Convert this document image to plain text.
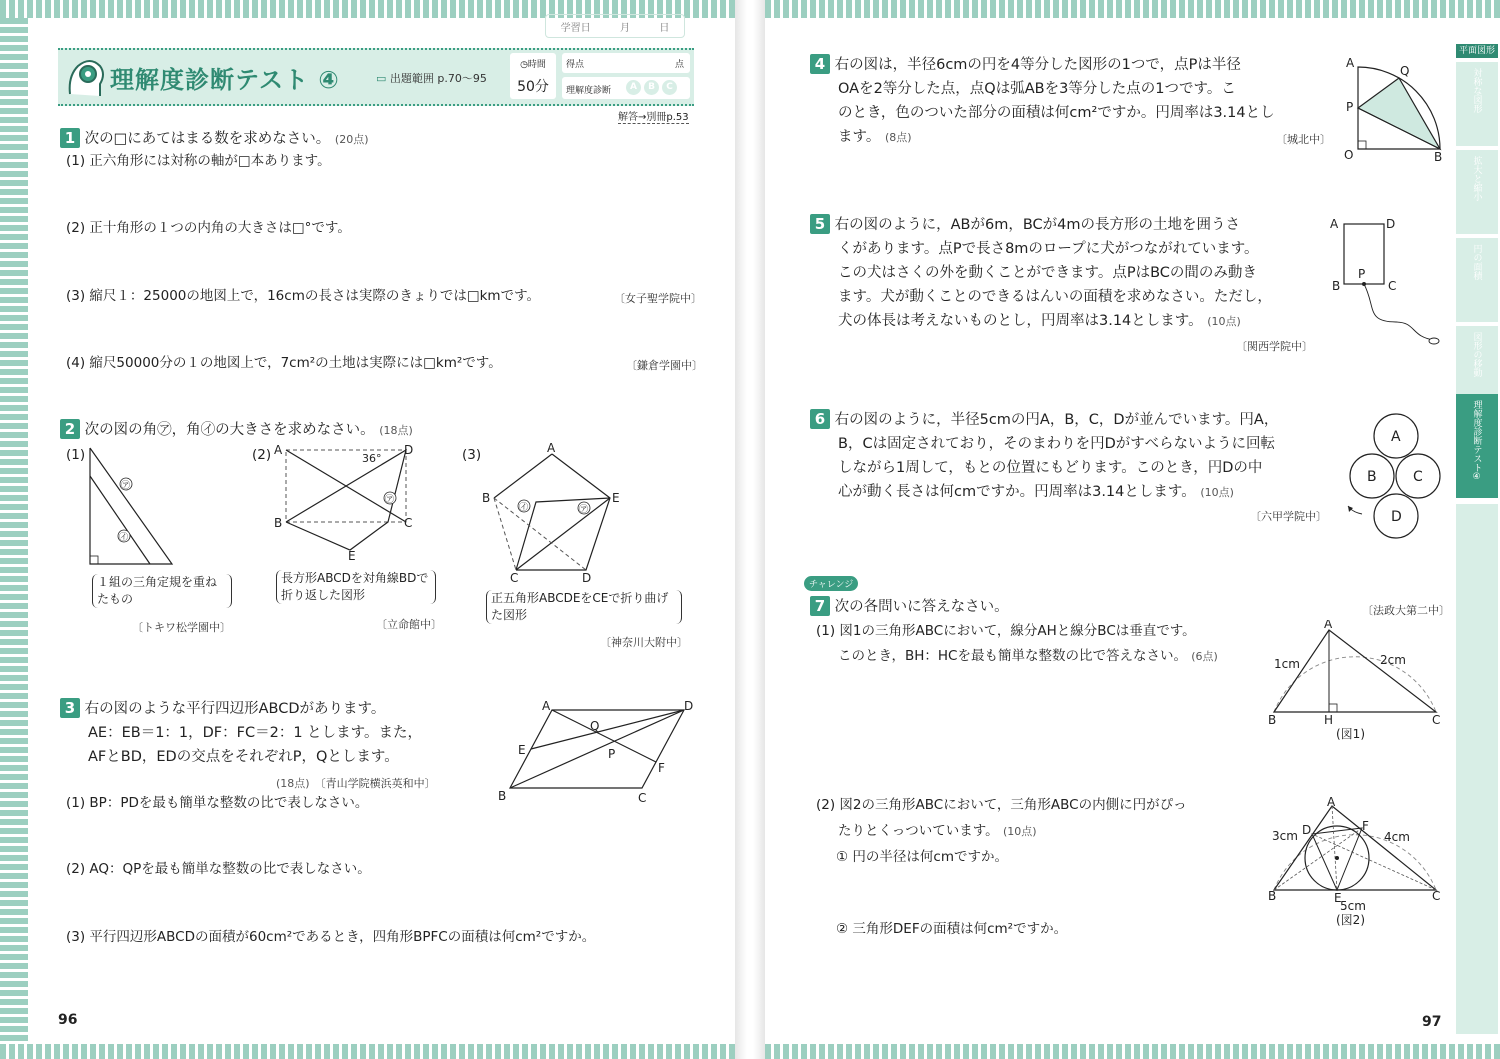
学習日	月	日
理解度診断テスト ④	▭ 出題範囲 p.70〜95
◷時間
50分
得点	点
理解度診断	A	B	C
解答→別冊p.53
1 次の□にあてはまる数を求めなさい。 (20点)
(1) 正六角形には対称の軸が□本あります。
(2) 正十角形の１つの内角の大きさは□°です。
(3) 縮尺１：25000の地図上で，16cmの長さは実際のきょりでは□kmです。	〔女子聖学院中〕
(4) 縮尺50000分の１の地図上で，7cm²の土地は実際には□km²です。	〔鎌倉学園中〕
2 次の図の角㋐，角㋑の大きさを求めなさい。 (18点)
(1)	(2)	(3)
㋐
㋑
１組の三角定規を重ねたもの
〔トキワ松学園中〕
A	D
B	C
E
36°
㋐
長方形ABCDを対角線BDで折り返した図形
〔立命館中〕
A
B
C	D
E
㋑	㋐
正五角形ABCDEをCEで折り曲げた図形
〔神奈川大附中〕
3 右の図のような平行四辺形ABCDがあります。
AE：EB＝1：1，DF：FC＝2：1 とします。また，
AFとBD，EDの交点をそれぞれP，Qとします。
(18点) 〔青山学院横浜英和中〕
(1) BP：PDを最も簡単な整数の比で表しなさい。
(2) AQ：QPを最も簡単な整数の比で表しなさい。
(3) 平行四辺形ABCDの面積が60cm²であるとき，四角形BPFCの面積は何cm²ですか。
A	D
B	C
E
F
P
Q
96
4 右の図は，半径6cmの円を4等分した図形の1つで，点Pは半径
OAを2等分した点，点Qは弧ABを3等分した点の1つです。こ
のとき，色のついた部分の面積は何cm²ですか。円周率は3.14とし
ます。 (8点)	〔城北中〕
A
Q
P
O	B
5 右の図のように，ABが6m，BCが4mの長方形の土地を囲うさ
くがあります。点Pで長さ8mのロープに犬がつながれています。
この犬はさくの外を動くことができます。点PはBCの間のみ動き
ます。犬が動くことのできるはんいの面積を求めなさい。ただし，
犬の体長は考えないものとし，円周率は3.14とします。 (10点)
〔関西学院中〕
A	D
B	C
P
6 右の図のように，半径5cmの円A，B，C，Dが並んでいます。円A，
B，Cは固定されており，そのまわりを円Dがすべらないように回転
しながら1周して，もとの位置にもどります。このとき，円Dの中
心が動く長さは何cmですか。円周率は3.14とします。 (10点)
〔六甲学院中〕
A
B	C
D
チャレンジ
7 次の各問いに答えなさい。	〔法政大第二中〕
(1) 図1の三角形ABCにおいて，線分AHと線分BCは垂直です。
このとき，BH：HCを最も簡単な整数の比で答えなさい。 (6点)
A
B	H	C
1cm	2cm
(図1)
(2) 図2の三角形ABCにおいて，三角形ABCの内側に円がぴっ
たりとくっついています。 (10点)
① 円の半径は何cmですか。
② 三角形DEFの面積は何cm²ですか。
A
B	C
D
E
F
3cm	4cm
5cm
(図2)
97
平面図形
対称な図形
拡大と縮小
円の面積
図形の移動
理解度診断テスト④
